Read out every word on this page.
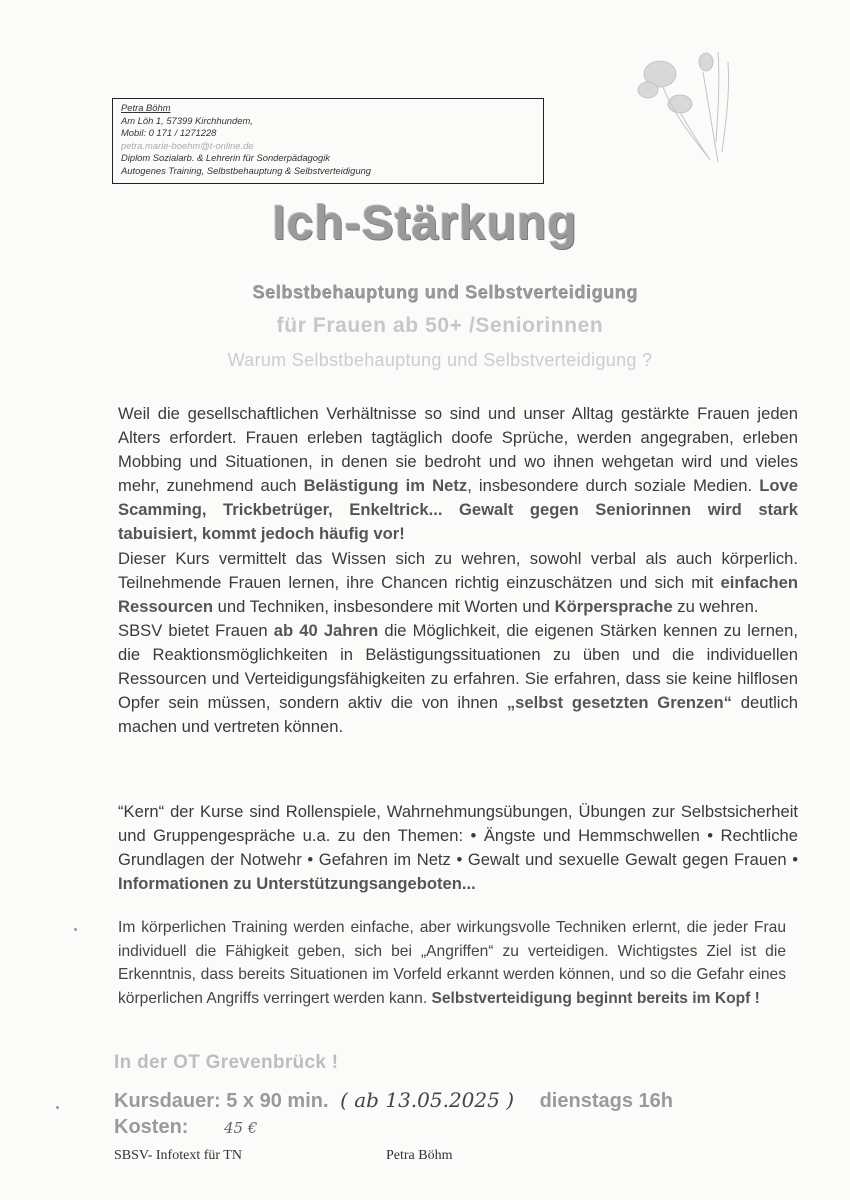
Petra Böhm
Am Löh 1, 57399 Kirchhundem,
Mobil: 0 171 / 1271228
petra.marie-boehm@t-online.de
Diplom Sozialarb. & Lehrerin für Sonderpädagogik
Autogenes Training, Selbstbehauptung & Selbstverteidigung
Ich-Stärkung
Selbstbehauptung und Selbstverteidigung
für Frauen ab 50+ /Seniorinnen
Warum Selbstbehauptung und Selbstverteidigung ?
Weil die gesellschaftlichen Verhältnisse so sind und unser Alltag gestärkte Frauen jeden Alters erfordert. Frauen erleben tagtäglich doofe Sprüche, werden angegraben, erleben Mobbing und Situationen, in denen sie bedroht und wo ihnen wehgetan wird und vieles mehr, zunehmend auch Belästigung im Netz, insbesondere durch soziale Medien. Love Scamming, Trickbetrüger, Enkeltrick... Gewalt gegen Seniorinnen wird stark tabuisiert, kommt jedoch häufig vor!
Dieser Kurs vermittelt das Wissen sich zu wehren, sowohl verbal als auch körperlich. Teilnehmende Frauen lernen, ihre Chancen richtig einzuschätzen und sich mit einfachen Ressourcen und Techniken, insbesondere mit Worten und Körpersprache zu wehren.
SBSV bietet Frauen ab 40 Jahren die Möglichkeit, die eigenen Stärken kennen zu lernen, die Reaktionsmöglichkeiten in Belästigungssituationen zu üben und die individuellen Ressourcen und Verteidigungsfähigkeiten zu erfahren. Sie erfahren, dass sie keine hilflosen Opfer sein müssen, sondern aktiv die von ihnen „selbst gesetzten Grenzen“ deutlich machen und vertreten können.
“Kern“ der Kurse sind Rollenspiele, Wahrnehmungsübungen, Übungen zur Selbstsicherheit und Gruppengespräche u.a. zu den Themen: • Ängste und Hemmschwellen • Rechtliche Grundlagen der Notwehr • Gefahren im Netz • Gewalt und sexuelle Gewalt gegen Frauen • Informationen zu Unterstützungsangeboten...
Im körperlichen Training werden einfache, aber wirkungsvolle Techniken erlernt, die jeder Frau individuell die Fähigkeit geben, sich bei „Angriffen“ zu verteidigen. Wichtigstes Ziel ist die Erkenntnis, dass bereits Situationen im Vorfeld erkannt werden können, und so die Gefahr eines körperlichen Angriffs verringert werden kann. Selbstverteidigung beginnt bereits im Kopf !
In der OT Grevenbrück !
Kursdauer: 5 x 90 min. ( ab 13.05.2025 ) dienstags 16h
Kosten: 45 €
SBSV- Infotext für TN	Petra Böhm
